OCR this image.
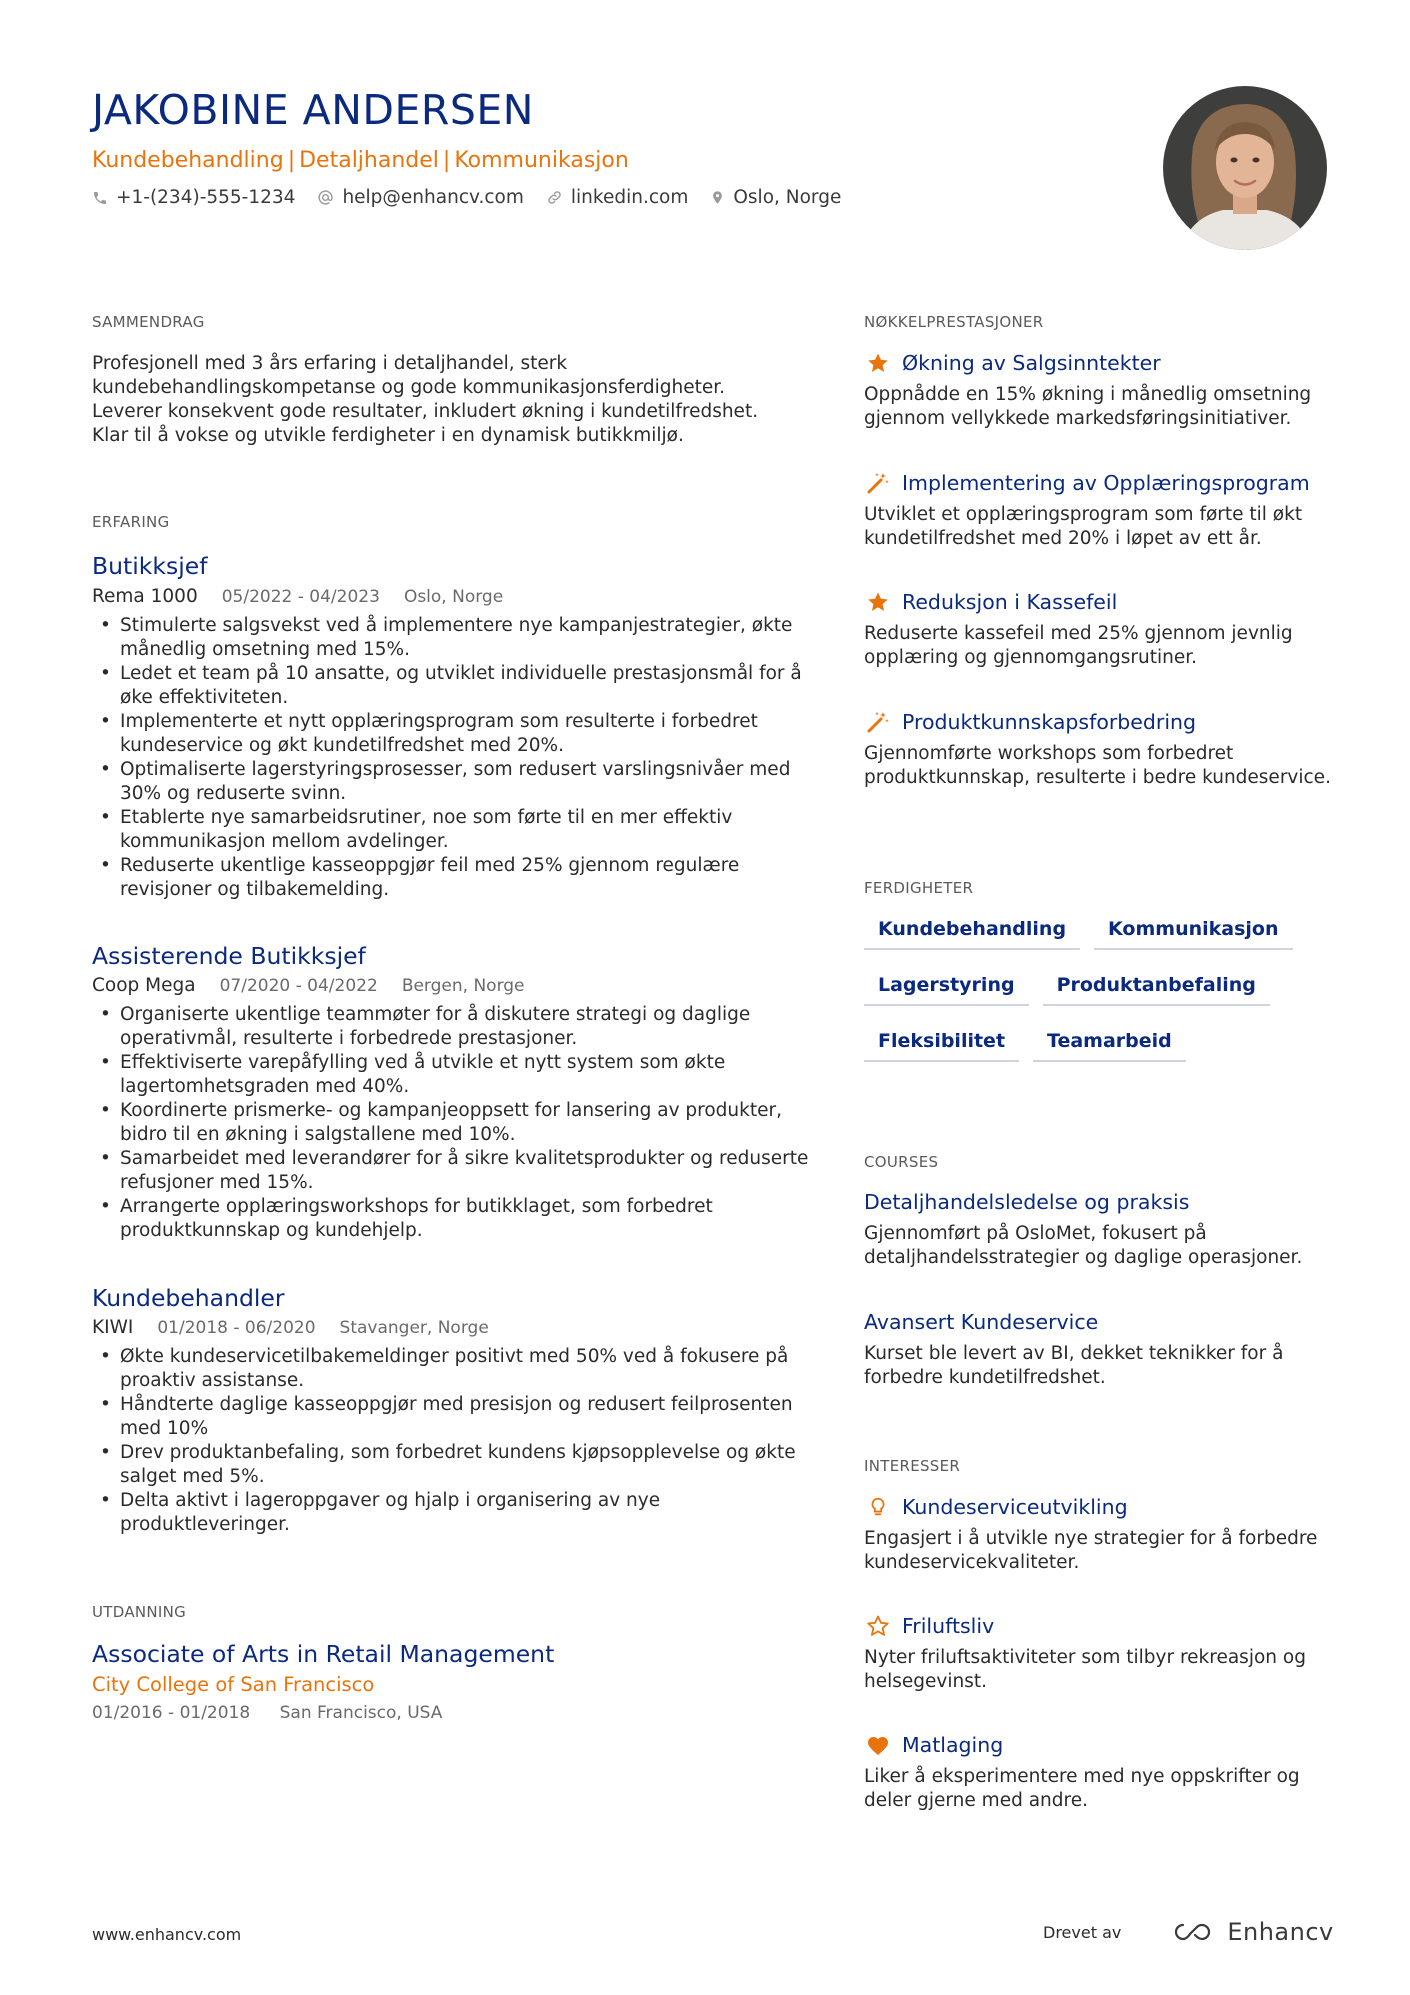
JAKOBINE ANDERSEN
Kundebehandling | Detaljhandel | Kommunikasjon
+1-(234)-555-1234	help@enhancv.com	linkedin.com Oslo, Norge
SAMMENDRAG
Profesjonell med 3 års erfaring i detaljhandel, sterk kundebehandlingskompetanse og gode kommunikasjonsferdigheter. Leverer konsekvent gode resultater, inkludert økning i kundetilfredshet. Klar til å vokse og utvikle ferdigheter i en dynamisk butikkmiljø.
ERFARING
Butikksjef
Rema 1000 05/2022 - 04/2023 Oslo, Norge
• Stimulerte salgsvekst ved å implementere nye kampanjestrategier, økte månedlig omsetning med 15%.
• Ledet et team på 10 ansatte, og utviklet individuelle prestasjonsmål for å øke effektiviteten.
• Implementerte et nytt opplæringsprogram som resulterte i forbedret kundeservice og økt kundetilfredshet med 20%.
• Optimaliserte lagerstyringsprosesser, som redusert varslingsnivåer med 30% og reduserte svinn.
• Etablerte nye samarbeidsrutiner, noe som førte til en mer effektiv kommunikasjon mellom avdelinger.
• Reduserte ukentlige kasseoppgjør feil med 25% gjennom regulære revisjoner og tilbakemelding.
Assisterende Butikksjef
Coop Mega 07/2020 - 04/2022 Bergen, Norge
• Organiserte ukentlige teammøter for å diskutere strategi og daglige operativmål, resulterte i forbedrede prestasjoner.
• Effektiviserte varepåfylling ved å utvikle et nytt system som økte lagertomhetsgraden med 40%.
• Koordinerte prismerke- og kampanjeoppsett for lansering av produkter, bidro til en økning i salgstallene med 10%.
• Samarbeidet med leverandører for å sikre kvalitetsprodukter og reduserte refusjoner med 15%.
• Arrangerte opplæringsworkshops for butikklaget, som forbedret produktkunnskap og kundehjelp.
Kundebehandler
KIWI 01/2018 - 06/2020 Stavanger, Norge
• Økte kundeservicetilbakemeldinger positivt med 50% ved å fokusere på proaktiv assistanse.
• Håndterte daglige kasseoppgjør med presisjon og redusert feilprosenten med 10%
• Drev produktanbefaling, som forbedret kundens kjøpsopplevelse og økte salget med 5%.
• Delta aktivt i lageroppgaver og hjalp i organisering av nye produktleveringer.
UTDANNING
Associate of Arts in Retail Management
City College of San Francisco
01/2016 - 01/2018 San Francisco, USA
NØKKELPRESTASJONER
Økning av Salgsinntekter
Oppnådde en 15% økning i månedlig omsetning gjennom vellykkede markedsføringsinitiativer.
Implementering av Opplæringsprogram
Utviklet et opplæringsprogram som førte til økt kundetilfredshet med 20% i løpet av ett år.
Reduksjon i Kassefeil
Reduserte kassefeil med 25% gjennom jevnlig opplæring og gjennomgangsrutiner.
Produktkunnskapsforbedring
Gjennomførte workshops som forbedret produktkunnskap, resulterte i bedre kundeservice.
FERDIGHETER
Kundebehandling	Kommunikasjon
Lagerstyring	Produktanbefaling
Fleksibilitet	Teamarbeid
COURSES
Detaljhandelsledelse og praksis
Gjennomført på OsloMet, fokusert på detaljhandelsstrategier og daglige operasjoner.
Avansert Kundeservice
Kurset ble levert av BI, dekket teknikker for å forbedre kundetilfredshet.
INTERESSER
Kundeserviceutvikling
Engasjert i å utvikle nye strategier for å forbedre kundeservicekvaliteter.
Friluftsliv
Nyter friluftsaktiviteter som tilbyr rekreasjon og helsegevinst.
Matlaging
Liker å eksperimentere med nye oppskrifter og deler gjerne med andre.
www.enhancv.com	Drevet av	Enhancv
